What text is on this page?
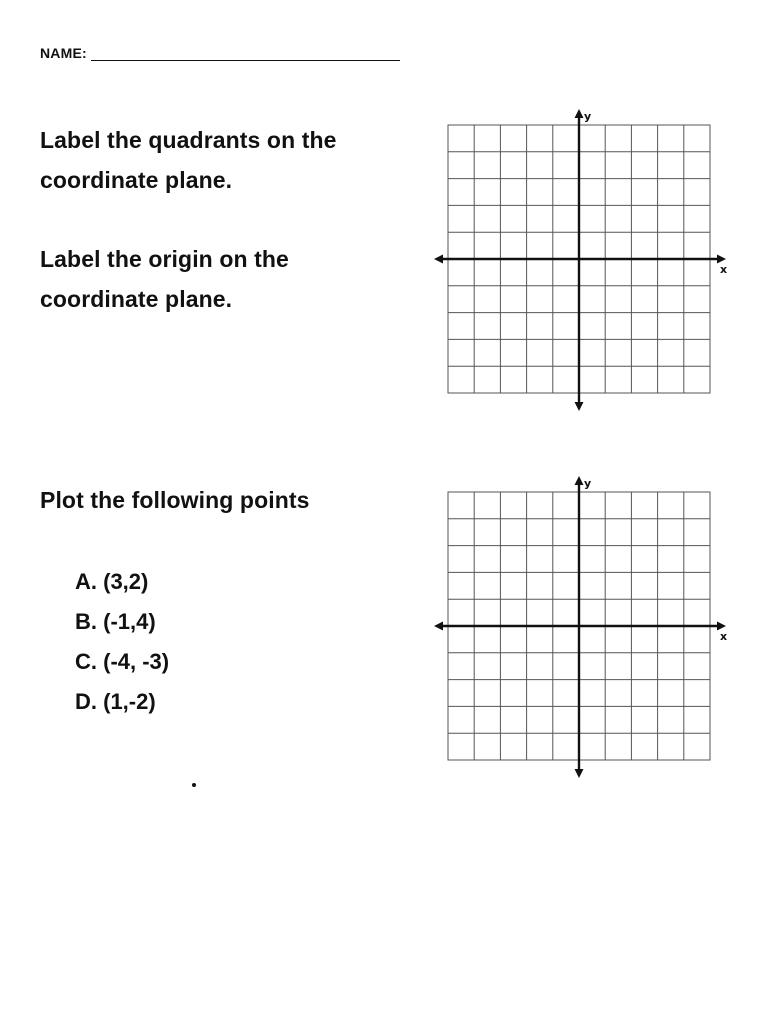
NAME:
Label the quadrants on the coordinate plane.
Label the origin on the coordinate plane.
x
y
Plot the following points
A. (3,2)
B. (-1,4)
C. (-4, -3)
D. (1,-2)
x
y
